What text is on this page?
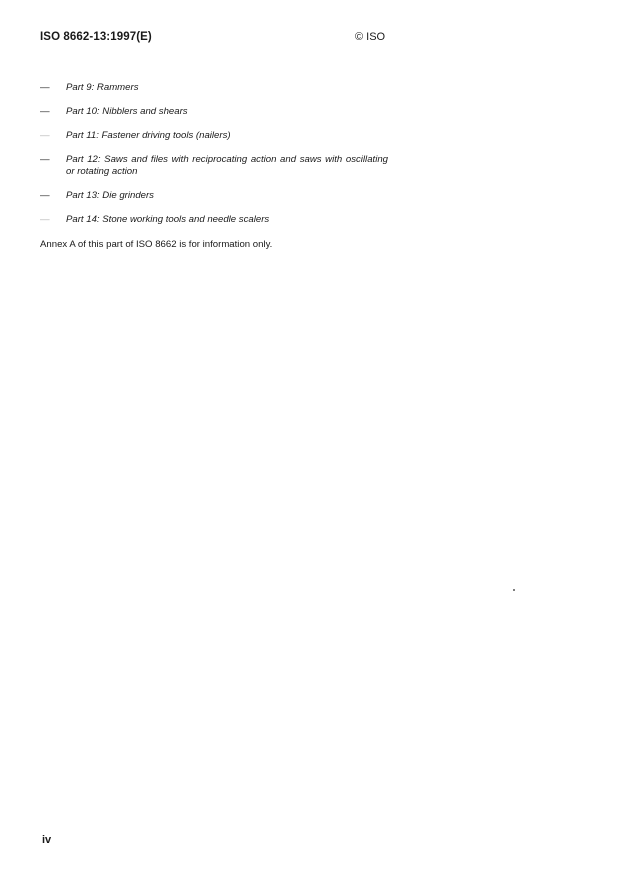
ISO 8662-13:1997(E)	© ISO
—	Part 9: Rammers
—	Part 10: Nibblers and shears
—	Part 11: Fastener driving tools (nailers)
—	Part 12: Saws and files with reciprocating action and saws with oscillating or rotating action
—	Part 13: Die grinders
—	Part 14: Stone working tools and needle scalers
Annex A of this part of ISO 8662 is for information only.
iv
